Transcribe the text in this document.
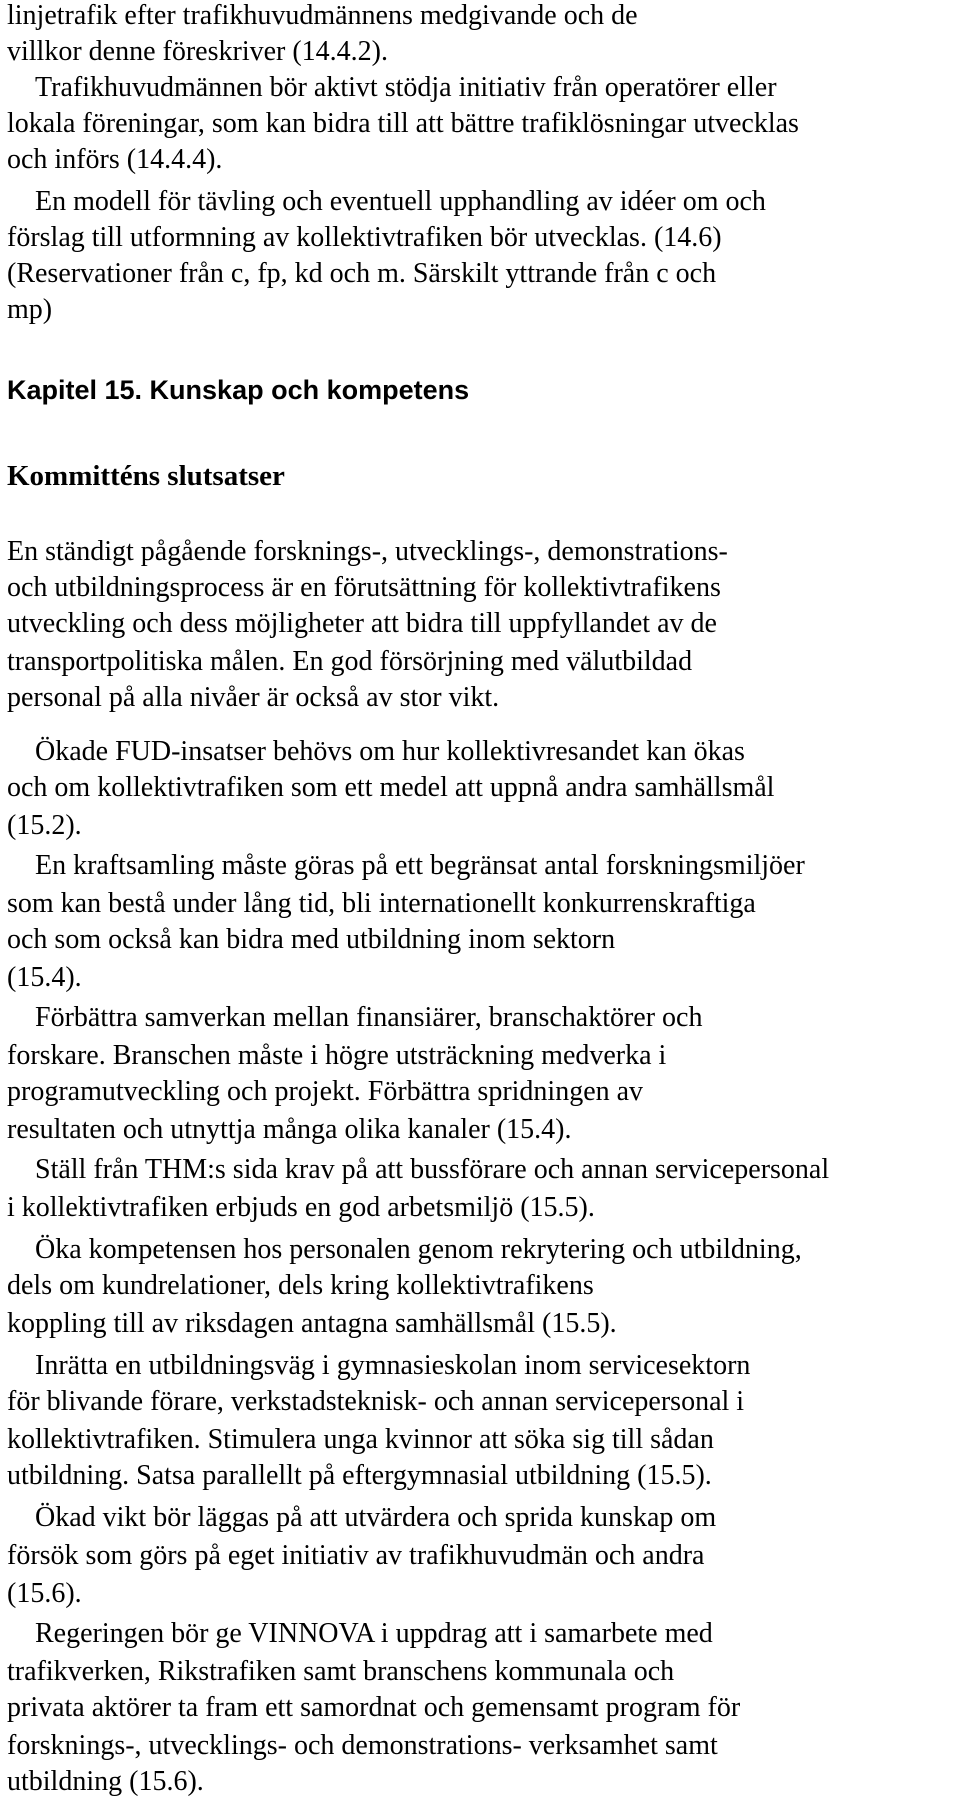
linjetrafik efter trafikhuvudmännens medgivande och de

villkor denne föreskriver (14.4.2).

Trafikhuvudmännen bör aktivt stödja initiativ från operatörer eller

lokala föreningar, som kan bidra till att bättre trafiklösningar utvecklas

och införs (14.4.4).

En modell för tävling och eventuell upphandling av idéer om och

förslag till utformning av kollektivtrafiken bör utvecklas. (14.6)

(Reservationer från c, fp, kd och m. Särskilt yttrande från c och

mp)

Kapitel 15. Kunskap och kompetens
Kommitténs slutsatser

En ständigt pågående forsknings-, utvecklings-, demonstrations-

och utbildningsprocess är en förutsättning för kollektivtrafikens

utveckling och dess möjligheter att bidra till uppfyllandet av de

transportpolitiska målen. En god försörjning med välutbildad

personal på alla nivåer är också av stor vikt.

Ökade FUD-insatser behövs om hur kollektivresandet kan ökas

och om kollektivtrafiken som ett medel att uppnå andra samhällsmål

(15.2).

En kraftsamling måste göras på ett begränsat antal forskningsmiljöer

som kan bestå under lång tid, bli internationellt konkurrenskraftiga

och som också kan bidra med utbildning inom sektorn

(15.4).

Förbättra samverkan mellan finansiärer, branschaktörer och

forskare. Branschen måste i högre utsträckning medverka i

programutveckling och projekt. Förbättra spridningen av

resultaten och utnyttja många olika kanaler (15.4).

Ställ från THM:s sida krav på att bussförare och annan servicepersonal

i kollektivtrafiken erbjuds en god arbetsmiljö (15.5).

Öka kompetensen hos personalen genom rekrytering och utbildning,

dels om kundrelationer, dels kring kollektivtrafikens

koppling till av riksdagen antagna samhällsmål (15.5).

Inrätta en utbildningsväg i gymnasieskolan inom servicesektorn

för blivande förare, verkstadsteknisk- och annan servicepersonal i

kollektivtrafiken. Stimulera unga kvinnor att söka sig till sådan

utbildning. Satsa parallellt på eftergymnasial utbildning (15.5).

Ökad vikt bör läggas på att utvärdera och sprida kunskap om

försök som görs på eget initiativ av trafikhuvudmän och andra

(15.6).

Regeringen bör ge VINNOVA i uppdrag att i samarbete med

trafikverken, Rikstrafiken samt branschens kommunala och

privata aktörer ta fram ett samordnat och gemensamt program för

forsknings-, utvecklings- och demonstrations- verksamhet samt

utbildning (15.6).
